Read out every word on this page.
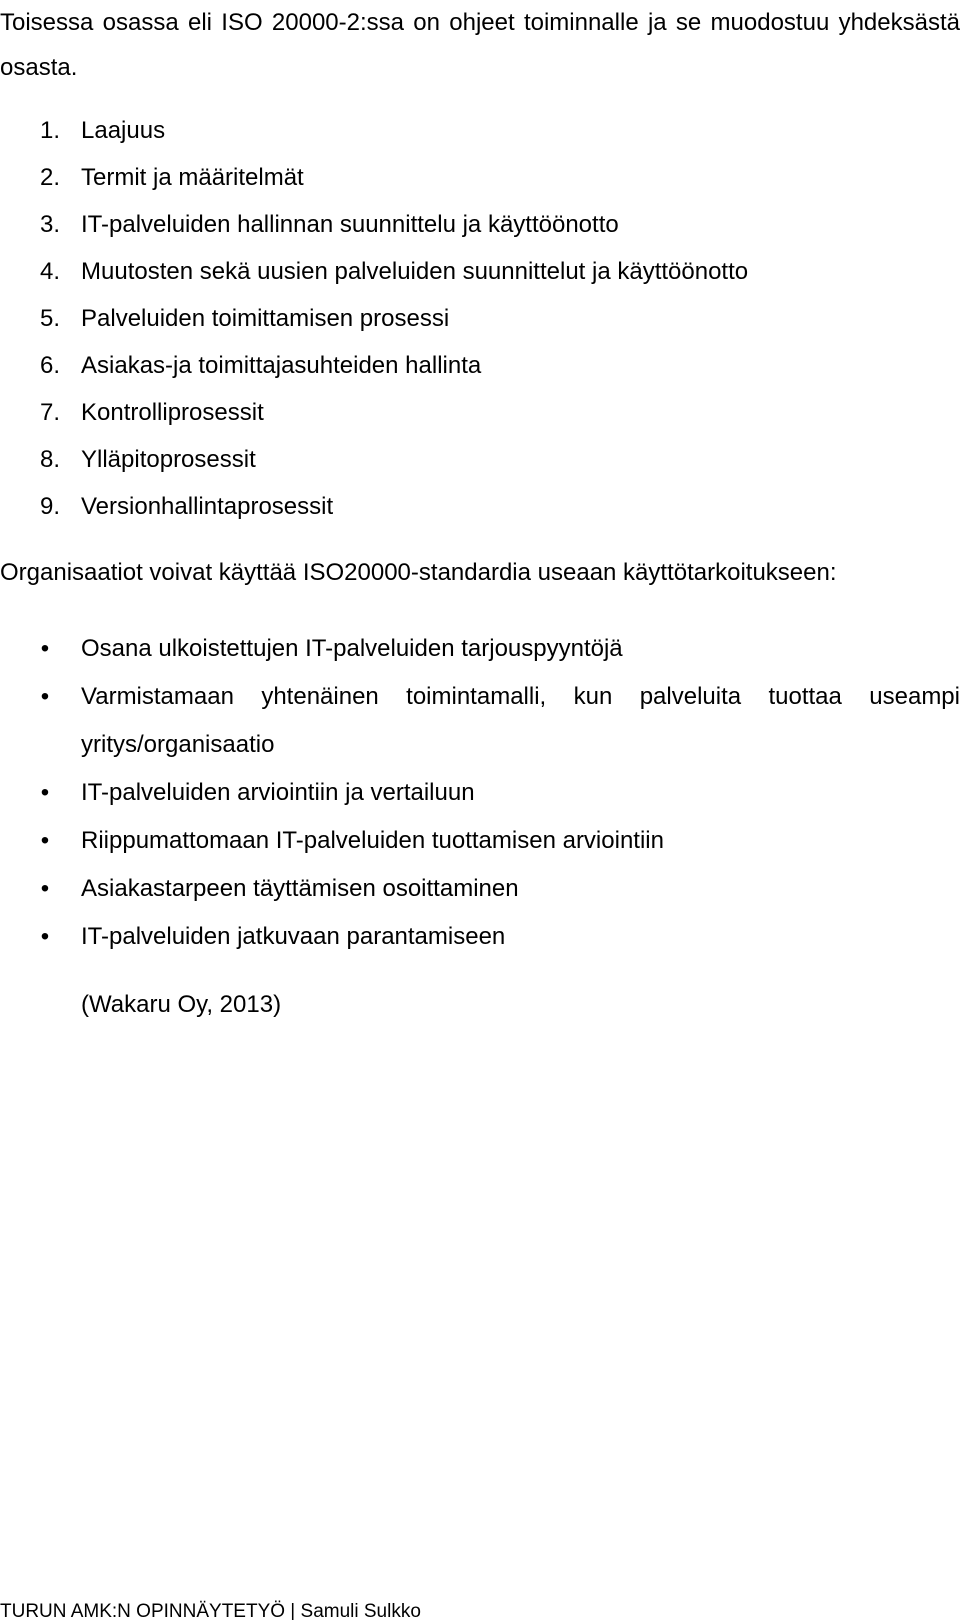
Toisessa osassa eli ISO 20000-2:ssa on ohjeet toiminnalle ja se muodostuu yhdeksästä osasta.

1. Laajuus
2. Termit ja määritelmät
3. IT-palveluiden hallinnan suunnittelu ja käyttöönotto
4. Muutosten sekä uusien palveluiden suunnittelut ja käyttöönotto
5. Palveluiden toimittamisen prosessi
6. Asiakas-ja toimittajasuhteiden hallinta
7. Kontrolliprosessit
8. Ylläpitoprosessit
9. Versionhallintaprosessit

Organisaatiot voivat käyttää ISO20000-standardia useaan käyttötarkoitukseen:

• Osana ulkoistettujen IT-palveluiden tarjouspyyntöjä
• Varmistamaan yhtenäinen toimintamalli, kun palveluita tuottaa useampi yritys/organisaatio
• IT-palveluiden arviointiin ja vertailuun
• Riippumattomaan IT-palveluiden tuottamisen arviointiin
• Asiakastarpeen täyttämisen osoittaminen
• IT-palveluiden jatkuvaan parantamiseen

(Wakaru Oy, 2013)

TURUN AMK:N OPINNÄYTETYÖ | Samuli Sulkko
